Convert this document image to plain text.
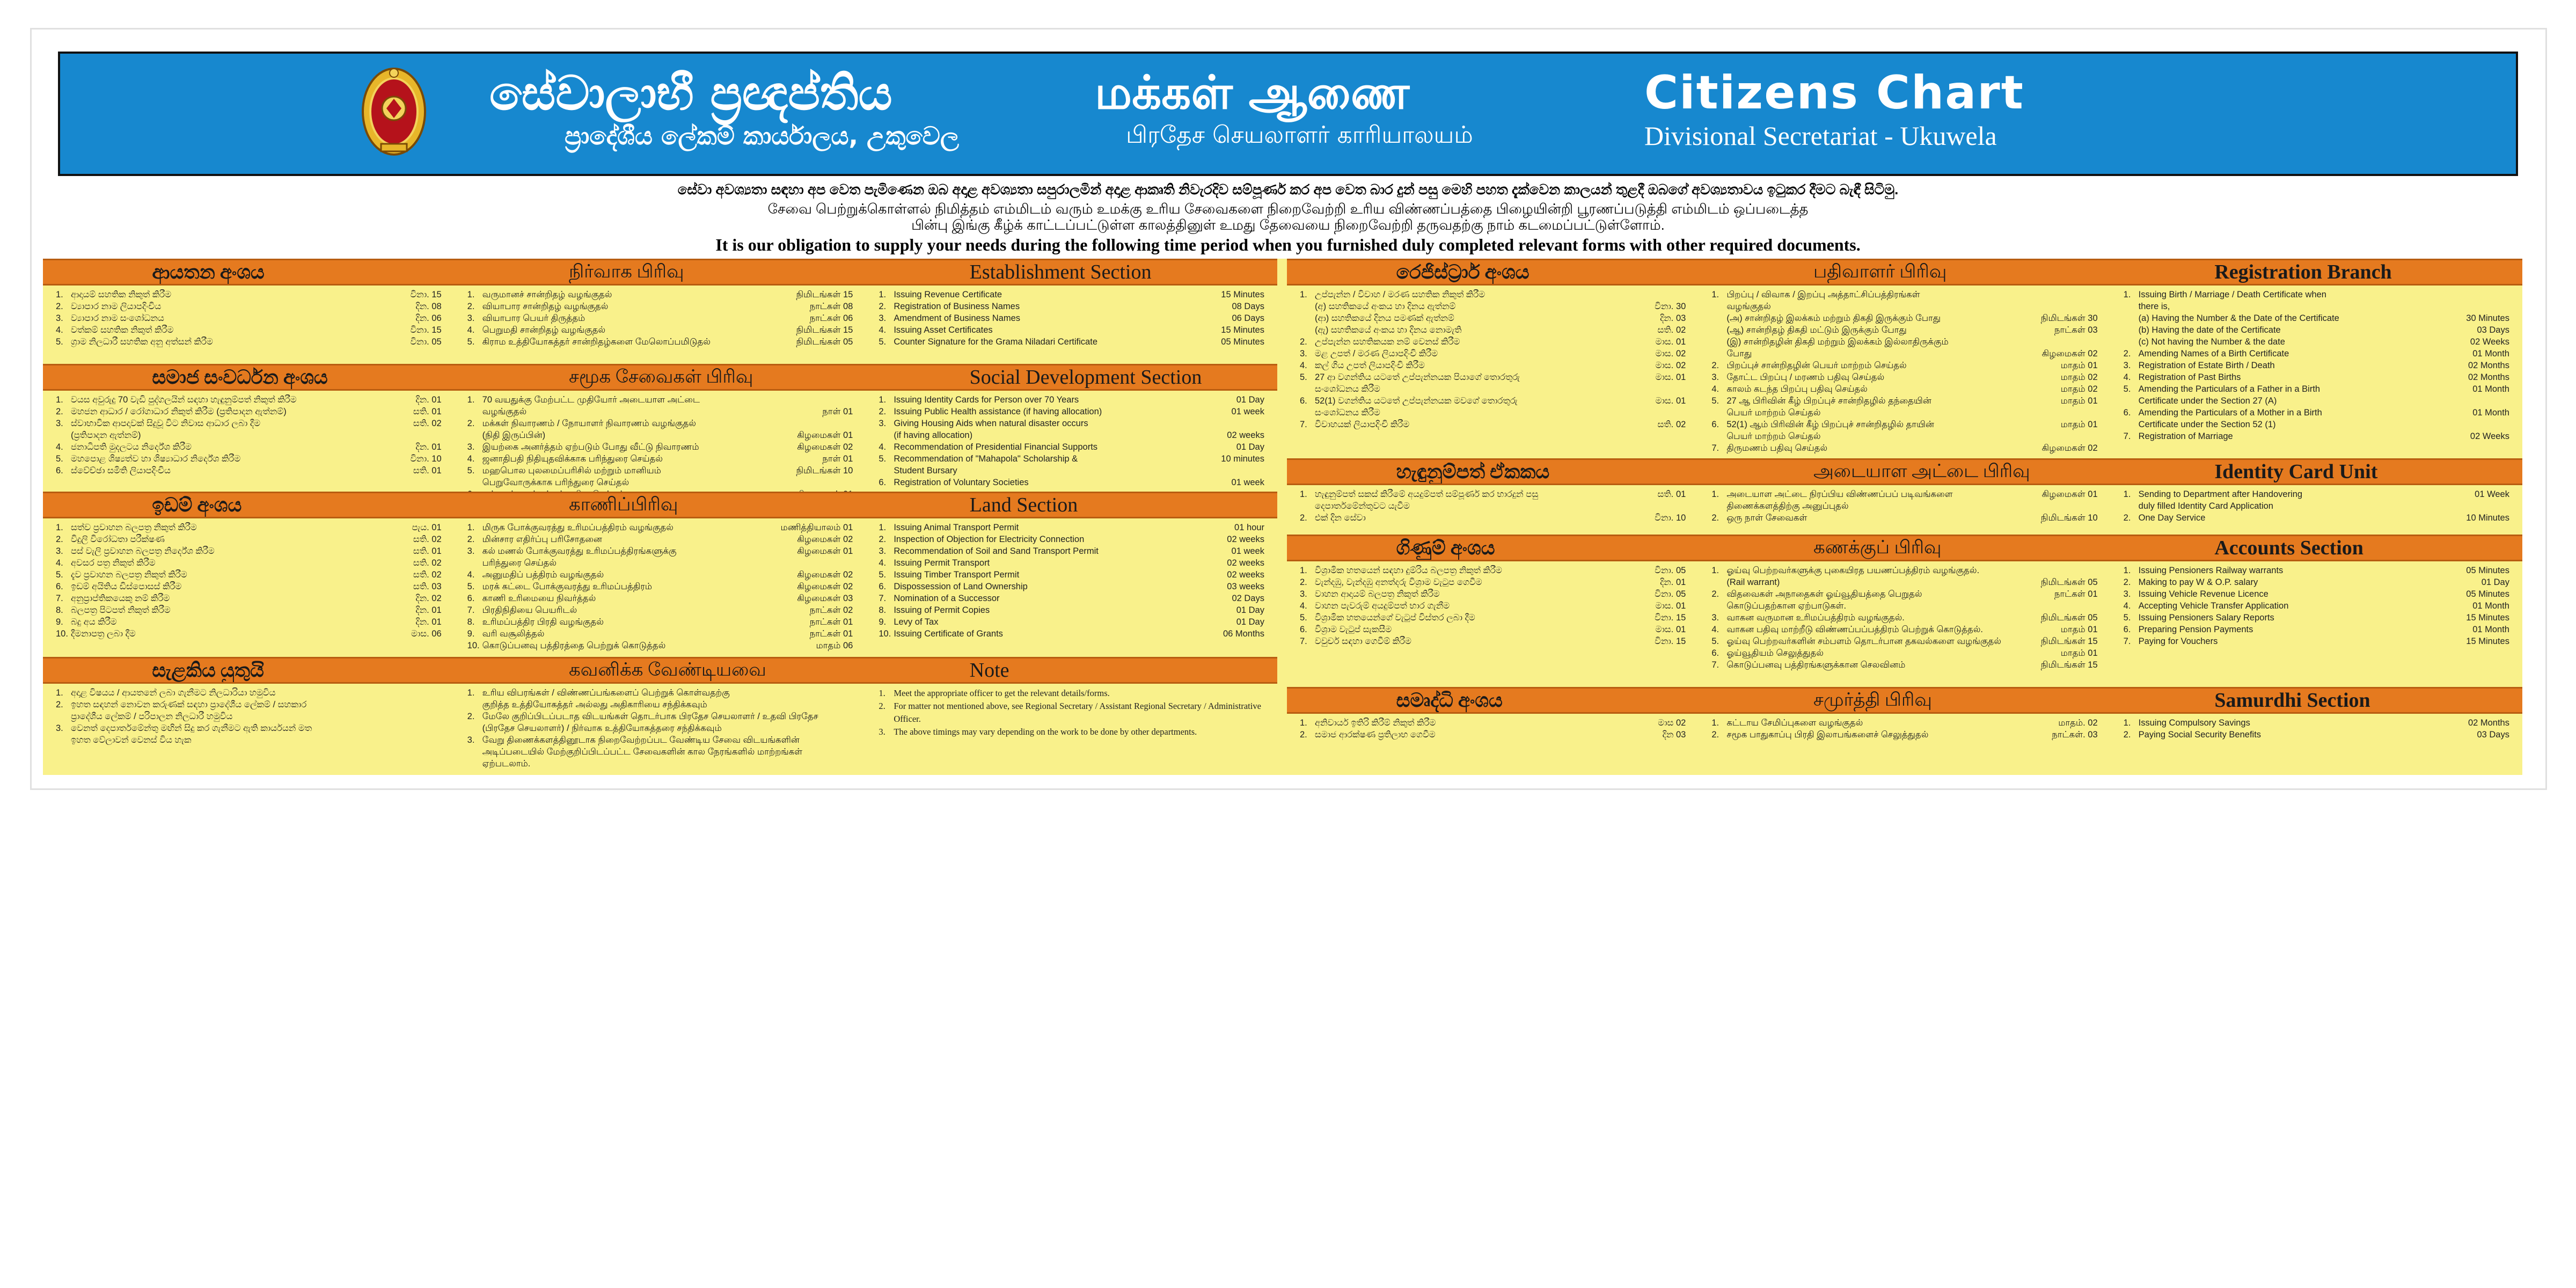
සේවාලාභී ප්‍රඥප්තිය	மக்கள் ஆணை	Citizens Chart
ප්‍රාදේශීය ලේකම් කාර්යාලය, උකුවෙල	பிரதேச செயலாளர் காரியாலயம்	Divisional Secretariat - Ukuwela
සේවා අවශ්‍යතා සඳහා අප වෙත පැමිණෙන ඔබ අදාළ අවශ්‍යතා සපුරාලමින් අදාළ ආකෘති නිවැරදිව සම්පූර්ණ කර අප වෙත බාර දුන් පසු මෙහි පහත දැක්වෙන කාලයන් තුළදී ඔබගේ අවශ්‍යතාවය ඉටුකර දීමට බැඳී සිටිමු.
சேவை பெற்றுக்கொள்ளல் நிமித்தம் எம்மிடம் வரும் உமக்கு உரிய சேவைகளை நிறைவேற்றி உரிய விண்ணப்பத்தை பிழையின்றி பூரணப்படுத்தி எம்மிடம் ஒப்படைத்த
பின்பு இங்கு கீழ்க் காட்டப்பட்டுள்ள காலத்தினுள் உமது தேவையை நிறைவேற்றி தருவதற்கு நாம் கடமைப்பட்டுள்ளோம்.
It is our obligation to supply your needs during the following time period when you furnished duly completed relevant forms with other required documents.
ආයතන අංශය	நிர்வாக பிரிவு	Establishment Section
1. ආදායම් සහතික නිකුත් කිරීම	විනා. 15
2. ව්‍යාපාර නාම ලියාපදිංචිය	දින. 08
3. ව්‍යාපාර නාම සංශෝධනය	දින. 06
4. වත්කම් සහතික නිකුත් කිරීම	විනා. 15
5. ග්‍රාම නිලධාරී සහතික අනු අත්සන් කිරීම	විනා. 05
1. வருமானச் சான்றிதழ் வழங்குதல்	நிமிடங்கள் 15
2. வியாபார சான்றிதழ் வழங்குதல்	நாட்கள் 08
3. வியாபார பெயர் திருத்தம்	நாட்கள் 06
4. பெறுமதி சான்றிதழ் வழங்குதல்	நிமிடங்கள் 15
5. கிராம உத்தியோகத்தர் சான்றிதழ்களை மேலொப்பமிடுதல்	நிமிடங்கள் 05
1. Issuing Revenue Certificate	15 Minutes
2. Registration of Business Names	08 Days
3. Amendment of Business Names	06 Days
4. Issuing Asset Certificates	15 Minutes
5. Counter Signature for the Grama Niladari Certificate	05 Minutes
සමාජ සංවර්ධන අංශය	சமூக சேவைகள் பிரிவு	Social Development Section
1. වයස අවුරුදු 70 වැඩි පුද්ගලයින් සඳහා හැඳුනුම්පත් නිකුත් කිරීම	දින. 01
2. මහජන ආධාර / රෝගාධාර නිකුත් කිරීම (ප්‍රතිපාදන ඇත්නම්)	සති. 01
3. ස්වාභාවික ආපදාවක් සිදුවූ විට නිවාස ආධාර ලබා දීම	සති. 02
(ප්‍රතිපාදන ඇත්නම්)
4. ජනාධිපති මුදලටය නිර්දේශ කිරීම	දින. 01
5. මහපොළ ශිෂ්‍යත්ව හා ශිෂ්‍යාධාර නිර්දේශ කිරීම	විනා. 10
6. ස්වේච්ඡා සමිති ලියාපදිංචිය	සති. 01
1. 70 வயதுக்கு மேற்பட்ட முதியோர் அடையாள அட்டை
வழங்குதல்	நாள் 01
2. மக்கள் நிவாரணம் / நோயாளர் நிவாரணம் வழங்குதல்
(நிதி இருப்பின்)	கிழமைகள் 01
3. இயற்கை அனர்த்தம் ஏற்படும் போது வீட்டு நிவாரணம்	கிழமைகள் 02
4. ஜனாதிபதி நிதியுதவிக்காக பரிந்துரை செய்தல்	நாள் 01
5. மஹபொல புலமைப்பரிசில் மற்றும் மானியம்	நிமிடங்கள் 10
பெறுவோருக்காக பரிந்துரை செய்தல்
1. Issuing Identity Cards for Person over 70 Years	01 Day
2. Issuing Public Health assistance (if having allocation)	01 week
3. Giving Housing Aids when natural disaster occurs
(if having allocation)	02 weeks
4. Recommendation of Presidential Financial Supports	01 Day
5. Recommendation of "Mahapola" Scholarship &	10 minutes
Student Bursary
6. Registration of Voluntary Societies	01 week
ඉඩම් අංශය	காணிப்பிரிவு	Land Section
1. සත්ව ප්‍රවාහන බලපත්‍ර නිකුත් කිරීම	පැය. 01
2. විදුලි විරෝධතා පරීක්ෂණ	සති. 02
3. පස් වැලි ප්‍රවාහන බලපත්‍ර නිර්දේශ කිරීම	සති. 01
4. අවසර පත්‍ර නිකුත් කිරීම	සති. 02
5. දැව ප්‍රවාහන බලපත්‍ර නිකුත් කිරීම	සති. 02
6. ඉඩම් අයිතිය ඩිස්පොසස් කිරීම	සති. 03
7. අනුප්‍රාප්තිකයෙකු නම් කිරීම	දින. 02
8. බලපත්‍ර පිටපත් නිකුත් කිරීම	දින. 01
9. බදු අය කිරීම	දින. 01
10. දීමනාපත්‍ර ලබා දීම	මාස. 06
1. மிருக போக்குவரத்து உரிமப்பத்திரம் வழங்குதல்	மணித்தியாலம் 01
2. மின்சார எதிர்ப்பு பரிசோதனை	கிழமைகள் 02
3. கல் மணல் போக்குவரத்து உரிமப்பத்திரங்களுக்கு	கிழமைகள் 01
பரிந்துரை செய்தல்
4. அனுமதிப் பத்திரம் வழங்குதல்	கிழமைகள் 02
5. மரக் கட்டை போக்குவரத்து உரிமப்பத்திரம்	கிழமைகள் 02
6. காணி உரிமையை நிவர்த்தல்	கிழமைகள் 03
7. பிரதிநிதியை பெயரிடல்	நாட்கள் 02
8. உரிமப்பத்திர பிரதி வழங்குதல்	நாட்கள் 01
9. வரி வசூலித்தல்	நாட்கள் 01
10. கொடுப்பனவு பத்திரத்தை பெற்றுக் கொடுத்தல்	மாதம் 06
1. Issuing Animal Transport Permit	01 hour
2. Inspection of Objection for Electricity Connection	02 weeks
3. Recommendation of Soil and Sand Transport Permit	01 week
4. Issuing Permit Transport	02 weeks
5. Issuing Timber Transport Permit	02 weeks
6. Dispossession of Land Ownership	03 weeks
7. Nomination of a Successor	02 Days
8. Issuing of Permit Copies	01 Day
9. Levy of Tax	01 Day
10. Issuing Certificate of Grants	06 Months
සැළකිය යුතුයි	கவனிக்க வேண்டியவை	Note
1. අදාළ විෂයය / ආයතනේ ලබා ගැනීමට නිලධාරියා හමුවිය
2. ඉහත සඳහන් නොවන කරුණක් සඳහා ප්‍රාදේශීය ලේකම් / සහකාර
ප්‍රාදේශීය ලේකම් / පරිපාලන නිලධාරී හමුවිය
3. වෙනත් දෙපාර්තමේන්තු මඟින් සිදු කර ගැනීමට ඇති කාර්යයන් මත
ඉහත වේලාවන් වෙනස් විය හැක
1. உரிய விபரங்கள் / விண்ணப்பங்களைப் பெற்றுக் கொள்வதற்கு
குறித்த உத்தியோகத்தர் அல்லது அதிகாரியை சந்திக்கவும்
2. மேலே குறிப்பிடப்படாத விடயங்கள் தொடர்பாக பிரதேச செயலாளர் / உதவி பிரதேச
(பிரதேச செயலாளர்) / நிர்வாக உத்தியோகத்தரை சந்திக்கவும்
3. வேறு திணைக்களத்தினூடாக நிறைவேற்றப்பட வேண்டிய சேவை விடயங்களின்
அடிப்படையில் மேற்குறிப்பிடப்பட்ட சேவைகளின் கால நேரங்களில் மாற்றங்கள்
ஏற்படலாம்.
1. Meet the appropriate officer to get the relevant details/forms.
2. For matter not mentioned above, see Regional Secretary / Assistant Regional Secretary / Administrative Officer.
3. The above timings may vary depending on the work to be done by other departments.
රෙජිස්ට්‍රාර් අංශය	பதிவாளர் பிரிவு	Registration Branch
1. උප්පැන්න / විවාහ / මරණ සහතික නිකුත් කිරීම
(අ) සහතිකයේ අංකය හා දිනය ඇත්නම්	විනා. 30
(ආ) සහතිකයේ දිනය පමණක් ඇත්නම්	දින. 03
(ඇ) සහතිකයේ අංකය හා දිනය නොමැති	සති. 02
2. උප්පැන්න සහතිකයක නම් වෙනස් කිරීම	මාස. 01
3. මළ උපත් / මරණ ලියාපදිංචි කිරීම	මාස. 02
4. කල් ගිය උපත් ලියාපදිංචි කිරීම	මාස. 02
5. 27 ආ වගන්තිය යටතේ උප්පැන්නයක පියාගේ තොරතුරු	මාස. 01
සංශෝධනය කිරීම
6. 52(1) වගන්තිය යටතේ උප්පැන්නයක මවගේ තොරතුරු	මාස. 01
සංශෝධනය කිරීම
7. විවාහයක් ලියාපදිංචි කිරීම	සති. 02
1. பிறப்பு / விவாக / இறப்பு அத்தாட்சிப்பத்திரங்கள்
வழங்குதல்
(அ) சான்றிதழ் இலக்கம் மற்றும் திகதி இருக்கும் போது	நிமிடங்கள் 30
(ஆ) சான்றிதழ் திகதி மட்டும் இருக்கும் போது	நாட்கள் 03
(இ) சான்றிதழின் திகதி மற்றும் இலக்கம் இல்லாதிருக்கும்
போது	கிழமைகள் 02
2. பிறப்புச் சான்றிதழின் பெயர் மாற்றம் செய்தல்	மாதம் 01
3. தோட்ட பிறப்பு / மரணம் பதிவு செய்தல்	மாதம் 02
4. காலம் கடந்த பிறப்பு பதிவு செய்தல்	மாதம் 02
5. 27 ஆ பிரிவின் கீழ் பிறப்புச் சான்றிதழில் தந்தையின்	மாதம் 01
பெயர் மாற்றம் செய்தல்
6. 52(1) ஆம் பிரிவின் கீழ் பிறப்புச் சான்றிதழில் தாயின்	மாதம் 01
பெயர் மாற்றம் செய்தல்
7. திருமணம் பதிவு செய்தல்	கிழமைகள் 02
1. Issuing Birth / Marriage / Death Certificate when
there is,
(a) Having the Number & the Date of the Certificate	30 Minutes
(b) Having the date of the Certificate	03 Days
(c) Not having the Number & the date	02 Weeks
2. Amending Names of a Birth Certificate	01 Month
3. Registration of Estate Birth / Death	02 Months
4. Registration of Past Births	02 Months
5. Amending the Particulars of a Father in a Birth	01 Month
Certificate under the Section 27 (A)
6. Amending the Particulars of a Mother in a Birth	01 Month
Certificate under the Section 52 (1)
7. Registration of Marriage	02 Weeks
හැඳුනුම්පත් ඒකකය	அடையாள அட்டை பிரிவு	Identity Card Unit
1. හැඳුනුම්පත් සකස් කිරීමේ අයදුම්පත් සම්පූර්ණ කර භාරදුන් පසු	සති. 01
දෙපාර්තමේන්තුවට යැවීම
2. එක් දින සේවා	විනා. 10
1. அடையாள அட்டை நிரப்பிய விண்ணப்பப் படிவங்களை	கிழமைகள் 01
திணைக்களத்திற்கு அனுப்புதல்
2. ஒரு நாள் சேவைகள்	நிமிடங்கள் 10
1. Sending to Department after Handovering	01 Week
duly filled Identity Card Application
2. One Day Service	10 Minutes
ගිණුම් අංශය	கணக்குப் பிரிவு	Accounts Section
1. විශ්‍රාමික හතයෙන් සඳහා දුම්රිය බලපත්‍ර නිකුත් කිරීම	විනා. 05
2. වැන්දඹු, වැන්දඹු අනත්දරු විශ්‍රාම වැටුප ගෙවීම	දින. 01
3. වාහන ආදායම් බලපත්‍ර නිකුත් කිරීම	විනා. 05
4. වාහන පැවරුම් අයදුම්පත් භාර ගැනීම	මාස. 01
5. විශ්‍රාමික හතයෙන්ගේ වැටුප් විස්තර ලබා දීම	විනා. 15
6. විශ්‍රාම වැටුප් සැකසීම	මාස. 01
7. වවුචර් සඳහා ගෙවීම් කිරීම	විනා. 15
1. ஓய்வு பெற்றவர்களுக்கு புகையிரத பயணப்பத்திரம் வழங்குதல்.
(Rail warrant)	நிமிடங்கள் 05
2. விதவைகள் அநாதைகள் ஓய்வூதியத்தை பெறுதல்	நாட்கள் 01
கொடுப்பதற்கான ஏற்பாடுகள்.
3. வாகன வருமான உரிமப்பத்திரம் வழங்குதல்.	நிமிடங்கள் 05
4. வாகன பதிவு மாற்றீடு விண்ணப்பப்பத்திரம் பெற்றுக் கொடுத்தல்.	மாதம் 01
5. ஓய்வு பெற்றவர்களின் சம்பளம் தொடர்பான தகவல்களை வழங்குதல்	நிமிடங்கள் 15
6. ஓய்வூதியம் செலுத்துதல்	மாதம் 01
7. கொடுப்பனவு பத்திரங்களுக்கான செலவினம்	நிமிடங்கள் 15
1. Issuing Pensioners Railway warrants	05 Minutes
2. Making to pay W & O.P. salary	01 Day
3. Issuing Vehicle Revenue Licence	05 Minutes
4. Accepting Vehicle Transfer Application	01 Month
5. Issuing Pensioners Salary Reports	15 Minutes
6. Preparing Pension Payments	01 Month
7. Paying for Vouchers	15 Minutes
සමෘද්ධි අංශය	சமுர்த்தி பிரிவு	Samurdhi Section
1. අනිවාර්ය ඉතිරි කිරීම් නිකුත් කිරීම	මාස 02
2. සමාජ ආරක්ෂණ ප්‍රතිලාභ ගෙවීම	දින 03
1. கட்டாய சேமிப்புகளை வழங்குதல்	மாதம். 02
2. சமூக பாதுகாப்பு பிரதி இலாபங்களைச் செலுத்துதல்	நாட்கள். 03
1. Issuing Compulsory Savings	02 Months
2. Paying Social Security Benefits	03 Days
